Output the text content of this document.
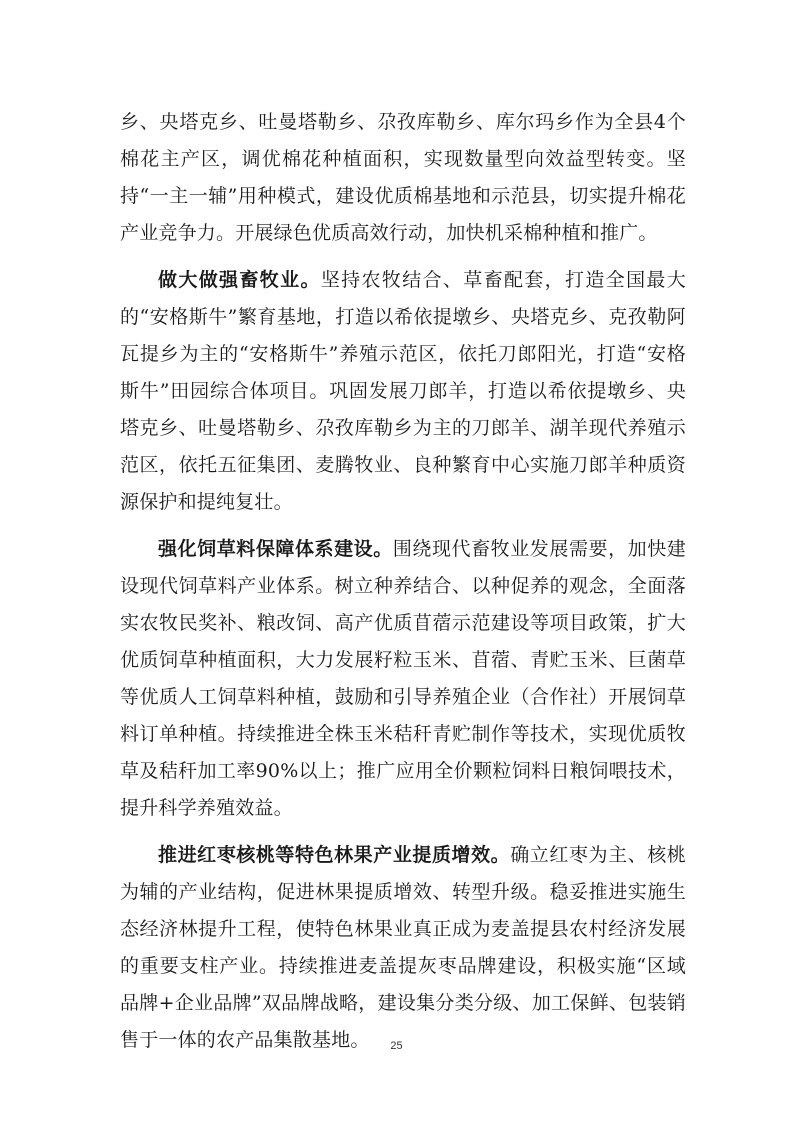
乡、央塔克乡、吐曼塔勒乡、尕孜库勒乡、库尔玛乡作为全县4个棉花主产区，调优棉花种植面积，实现数量型向效益型转变。坚持“一主一辅”用种模式，建设优质棉基地和示范县，切实提升棉花产业竞争力。开展绿色优质高效行动，加快机采棉种植和推广。

做大做强畜牧业。坚持农牧结合、草畜配套，打造全国最大的“安格斯牛”繁育基地，打造以希依提墩乡、央塔克乡、克孜勒阿瓦提乡为主的“安格斯牛”养殖示范区，依托刀郎阳光，打造“安格斯牛”田园综合体项目。巩固发展刀郎羊，打造以希依提墩乡、央塔克乡、吐曼塔勒乡、尕孜库勒乡为主的刀郎羊、湖羊现代养殖示范区，依托五征集团、麦腾牧业、良种繁育中心实施刀郎羊种质资源保护和提纯复壮。

强化饲草料保障体系建设。围绕现代畜牧业发展需要，加快建设现代饲草料产业体系。树立种养结合、以种促养的观念，全面落实农牧民奖补、粮改饲、高产优质苜蓿示范建设等项目政策，扩大优质饲草种植面积，大力发展籽粒玉米、苜蓿、青贮玉米、巨菌草等优质人工饲草料种植，鼓励和引导养殖企业（合作社）开展饲草料订单种植。持续推进全株玉米秸秆青贮制作等技术，实现优质牧草及秸秆加工率90%以上；推广应用全价颗粒饲料日粮饲喂技术，提升科学养殖效益。

推进红枣核桃等特色林果产业提质增效。确立红枣为主、核桃为辅的产业结构，促进林果提质增效、转型升级。稳妥推进实施生态经济林提升工程，使特色林果业真正成为麦盖提县农村经济发展的重要支柱产业。持续推进麦盖提灰枣品牌建设，积极实施“区域品牌+企业品牌”双品牌战略，建设集分类分级、加工保鲜、包装销售于一体的农产品集散基地。	25
